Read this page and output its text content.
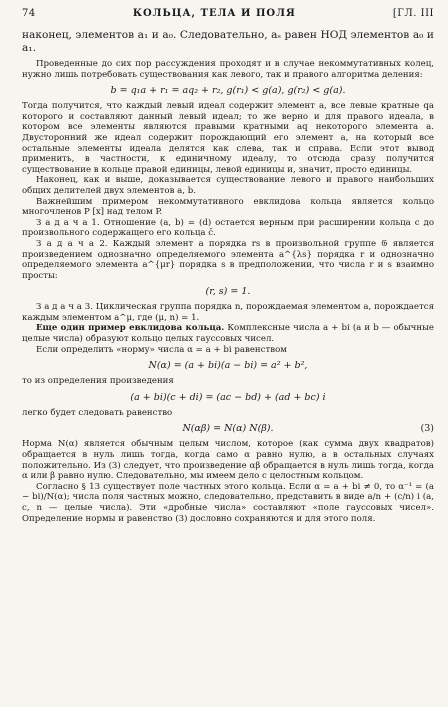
74	КОЛЬЦА, ТЕЛА И ПОЛЯ	[ГЛ. III

наконец, элементов a₁ и a₀. Следовательно, aₛ равен НОД элементов a₀ и a₁.

Проведенные до сих пор рассуждения проходят и в случае некоммутативных колец, нужно лишь потребовать существования как левого, так и правого алгоритма деления:

b = q₁a + r₁ = aq₂ + r₂, g(r₁) < g(a), g(r₂) < g(a).

Тогда получится, что каждый левый идеал содержит элемент a, все левые кратные qa которого и составляют данный левый идеал; то же верно и для правого идеала, в котором все элементы являются правыми кратными aq некоторого элемента a. Двусторонний же идеал содержит порождающий его элемент a, на который все остальные элементы идеала делятся как слева, так и справа. Если этот вывод применить, в частности, к единичному идеалу, то отсюда сразу получится существование в кольце правой единицы, левой единицы и, значит, просто единицы.

Наконец, как и выше, доказывается существование левого и правого наибольших общих делителей двух элементов a, b.

Важнейшим примером некоммутативного евклидова кольца является кольцо многочленов P [x] над телом P.

З а д а ч а 1. Отношение (a, b) = (d) остается верным при расширении кольца с до произвольного содержащего его кольца c̄.

З а д а ч а 2. Каждый элемент a порядка rs в произвольной группе 𝔊 является произведением однозначно определяемого элемента a^{λs} порядка r и однозначно определяемого элемента a^{μr} порядка s в предположении, что числа r и s взаимно просты:

(r, s) = 1.

З а д а ч а 3. Циклическая группа порядка n, порождаемая элементом a, порождается каждым элементом a^μ, где (μ, n) = 1.

Еще один пример евклидова кольца. Комплексные числа a + bi (a и b — обычные целые числа) образуют кольцо целых гауссовых чисел.

Если определить «норму» числа α = a + bi равенством

N(α) = (a + bi)(a − bi) = a² + b²,

то из определения произведения

(a + bi)(c + di) = (ac − bd) + (ad + bc) i

легко будет следовать равенство

N(αβ) = N(α) N(β).	(3)

Норма N(α) является обычным целым числом, которое (как сумма двух квадратов) обращается в нуль лишь тогда, когда само α равно нулю, а в остальных случаях положительно. Из (3) следует, что произведение αβ обращается в нуль лишь тогда, когда α или β равно нулю. Следовательно, мы имеем дело с целостным кольцом.

Согласно § 13 существует поле частных этого кольца. Если α = a + bi ≠ 0, то α⁻¹ = (a − bi)/N(α); числа поля частных можно, следовательно, представить в виде a/n + (c/n) i (a, c, n — целые числа). Эти «дробные числа» составляют «поле гауссовых чисел». Определение нормы и равенство (3) дословно сохраняются и для этого поля.
